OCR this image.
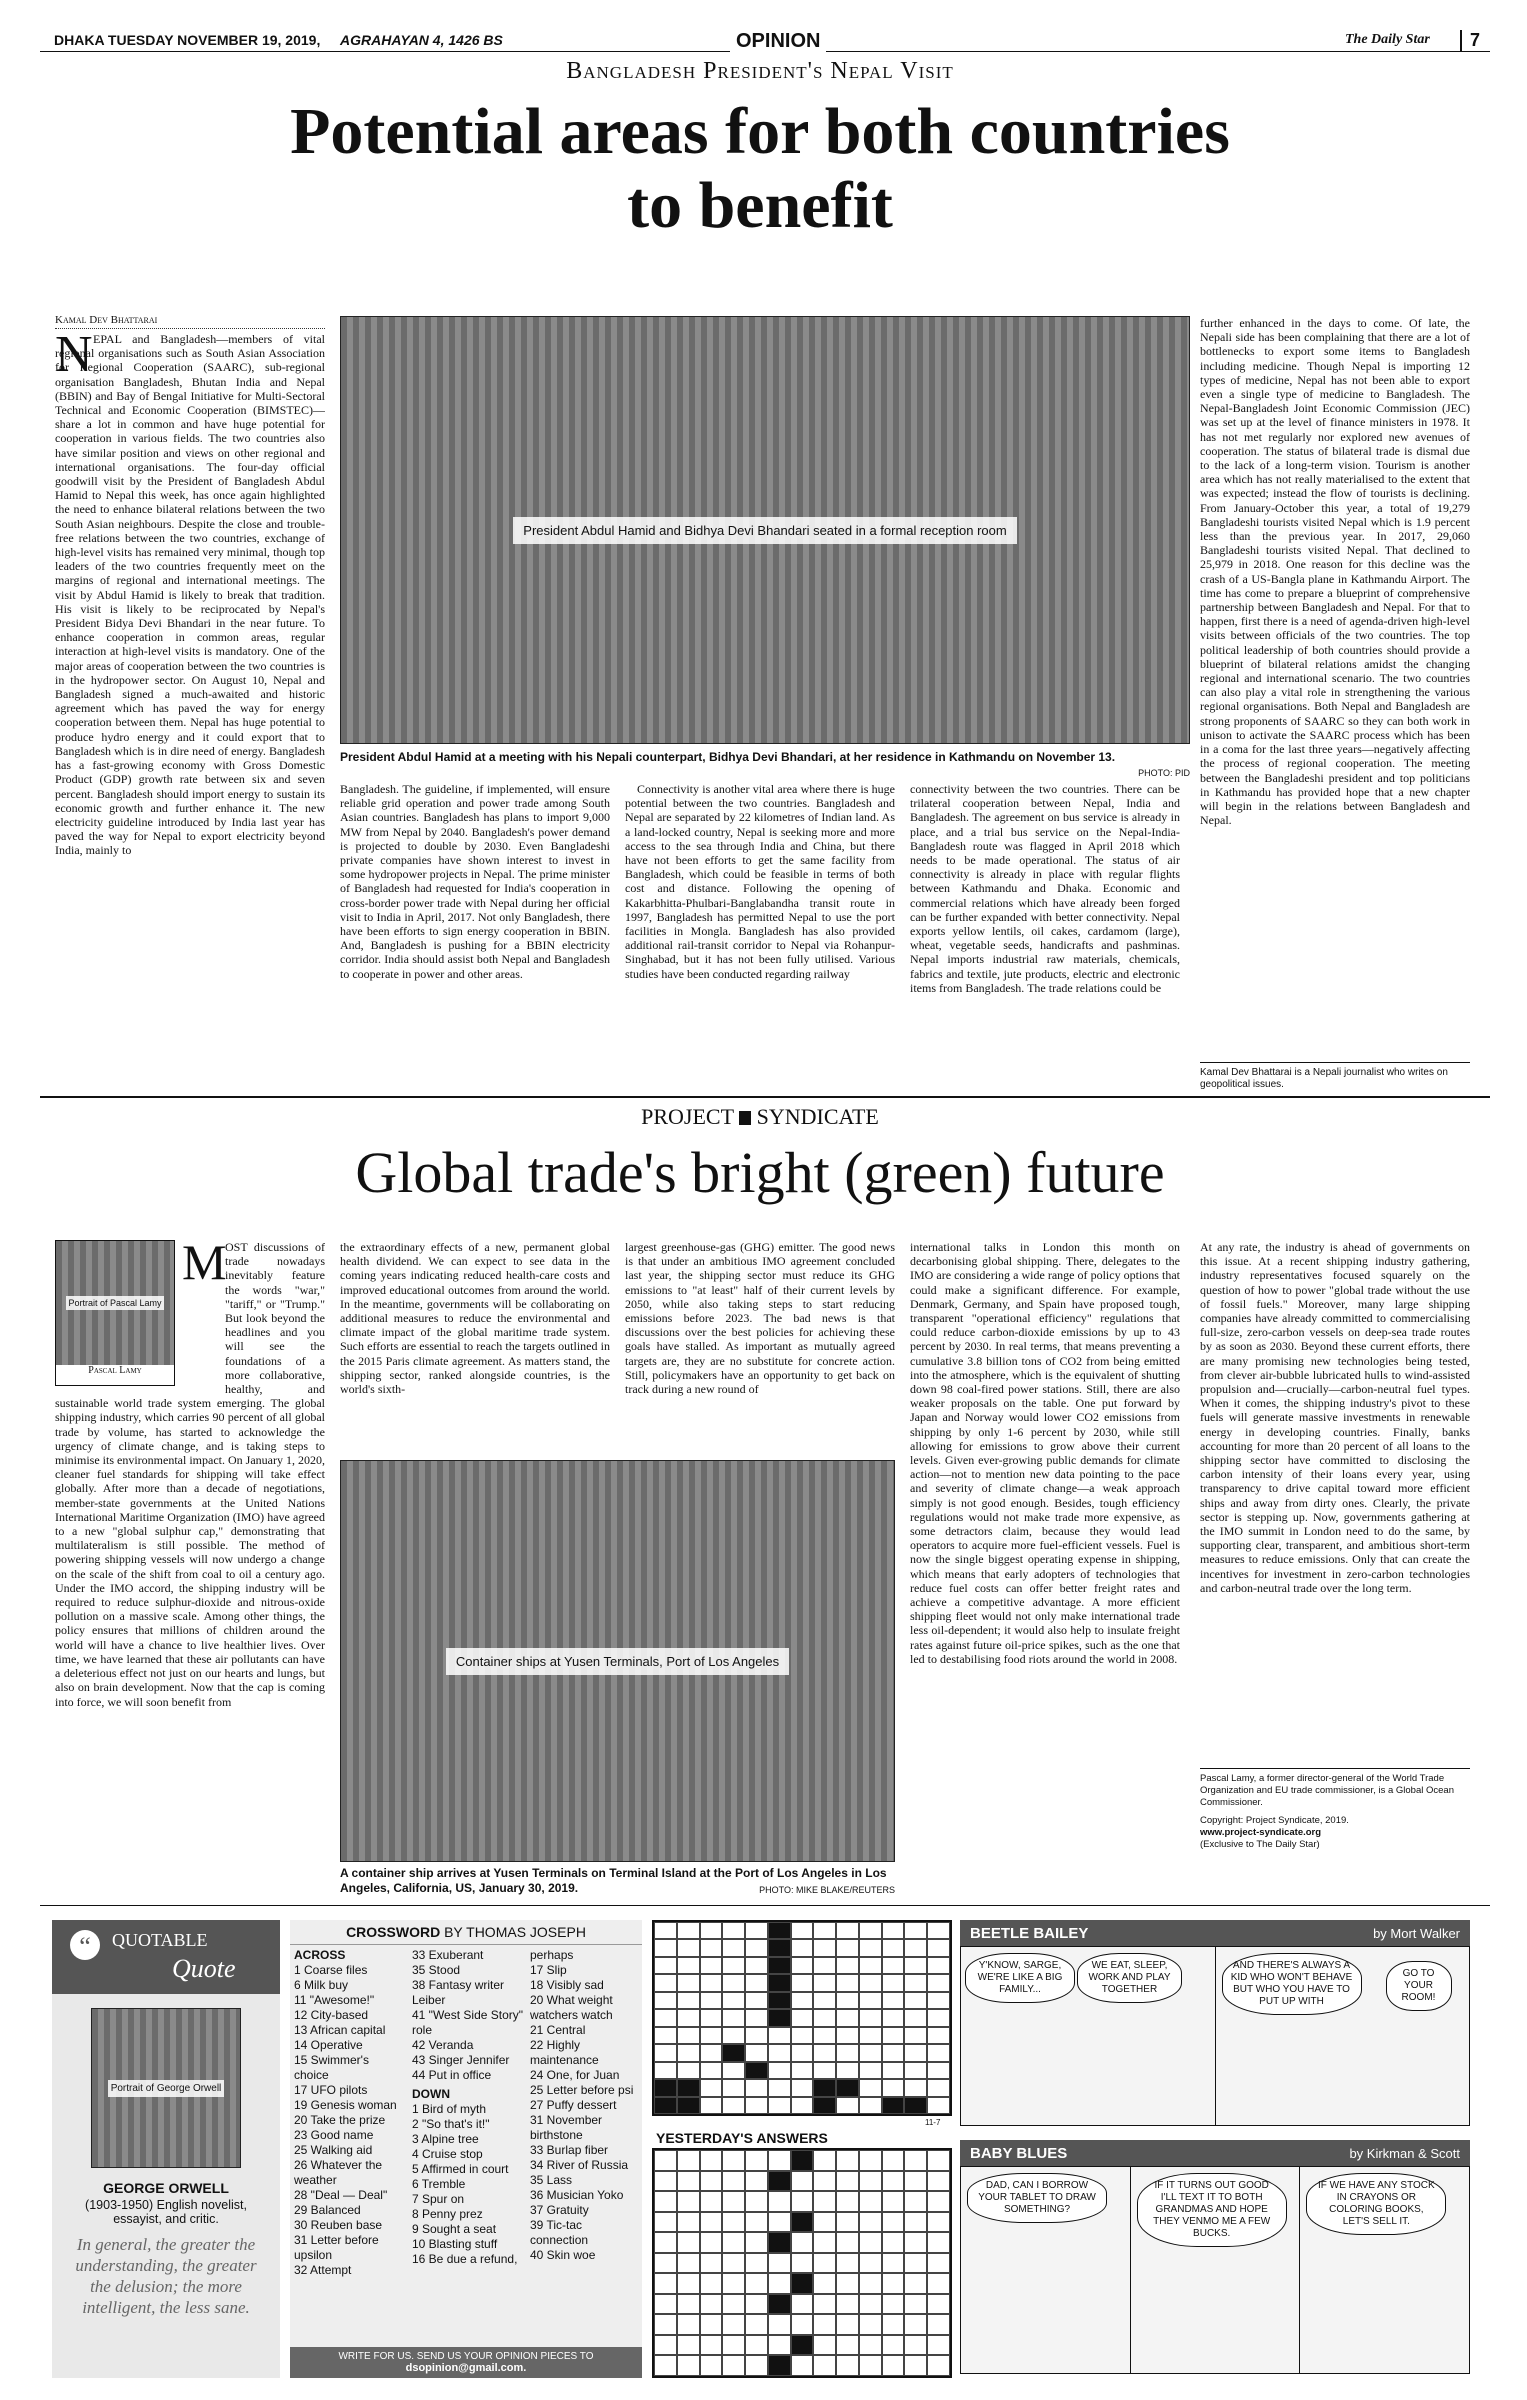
DHAKA TUESDAY NOVEMBER 19, 2019, AGRAHAYAN 4, 1426 BS	OPINION	The Daily Star	7
Bangladesh President's Nepal Visit
Potential areas for both countries to benefit
Kamal Dev Bhattarai
N EPAL and Bangladesh—members of vital regional organisations such as South Asian Association for Regional Cooperation (SAARC), sub-regional organisation Bangladesh, Bhutan India and Nepal (BBIN) and Bay of Bengal Initiative for Multi-Sectoral Technical and Economic Cooperation (BIMSTEC)—share a lot in common and have huge potential for cooperation in various fields. The two countries also have similar position and views on other regional and international organisations. The four-day official goodwill visit by the President of Bangladesh Abdul Hamid to Nepal this week, has once again highlighted the need to enhance bilateral relations between the two South Asian neighbours. Despite the close and trouble-free relations between the two countries, exchange of high-level visits has remained very minimal, though top leaders of the two countries frequently meet on the margins of regional and international meetings. The visit by Abdul Hamid is likely to break that tradition. His visit is likely to be reciprocated by Nepal's President Bidya Devi Bhandari in the near future. To enhance cooperation in common areas, regular interaction at high-level visits is mandatory. One of the major areas of cooperation between the two countries is in the hydropower sector. On August 10, Nepal and Bangladesh signed a much-awaited and historic agreement which has paved the way for energy cooperation between them. Nepal has huge potential to produce hydro energy and it could export that to Bangladesh which is in dire need of energy. Bangladesh has a fast-growing economy with Gross Domestic Product (GDP) growth rate between six and seven percent. Bangladesh should import energy to sustain its economic growth and further enhance it. The new electricity guideline introduced by India last year has paved the way for Nepal to export electricity beyond India, mainly to
President Abdul Hamid and Bidhya Devi Bhandari seated in a formal reception room
President Abdul Hamid at a meeting with his Nepali counterpart, Bidhya Devi Bhandari, at her residence in Kathmandu on November 13.
PHOTO: PID
Bangladesh. The guideline, if implemented, will ensure reliable grid operation and power trade among South Asian countries. Bangladesh has plans to import 9,000 MW from Nepal by 2040. Bangladesh's power demand is projected to double by 2030. Even Bangladeshi private companies have shown interest to invest in some hydropower projects in Nepal. The prime minister of Bangladesh had requested for India's cooperation in cross-border power trade with Nepal during her official visit to India in April, 2017. Not only Bangladesh, there have been efforts to sign energy cooperation in BBIN. And, Bangladesh is pushing for a BBIN electricity corridor. India should assist both Nepal and Bangladesh to cooperate in power and other areas.
Connectivity is another vital area where there is huge potential between the two countries. Bangladesh and Nepal are separated by 22 kilometres of Indian land. As a land-locked country, Nepal is seeking more and more access to the sea through India and China, but there have not been efforts to get the same facility from Bangladesh, which could be feasible in terms of both cost and distance. Following the opening of Kakarbhitta-Phulbari-Banglabandha transit route in 1997, Bangladesh has permitted Nepal to use the port facilities in Mongla. Bangladesh has also provided additional rail-transit corridor to Nepal via Rohanpur-Singhabad, but it has not been fully utilised. Various studies have been conducted regarding railway
connectivity between the two countries. There can be trilateral cooperation between Nepal, India and Bangladesh. The agreement on bus service is already in place, and a trial bus service on the Nepal-India-Bangladesh route was flagged in April 2018 which needs to be made operational. The status of air connectivity is already in place with regular flights between Kathmandu and Dhaka. Economic and commercial relations which have already been forged can be further expanded with better connectivity. Nepal exports yellow lentils, oil cakes, cardamom (large), wheat, vegetable seeds, handicrafts and pashminas. Nepal imports industrial raw materials, chemicals, fabrics and textile, jute products, electric and electronic items from Bangladesh. The trade relations could be
further enhanced in the days to come. Of late, the Nepali side has been complaining that there are a lot of bottlenecks to export some items to Bangladesh including medicine. Though Nepal is importing 12 types of medicine, Nepal has not been able to export even a single type of medicine to Bangladesh. The Nepal-Bangladesh Joint Economic Commission (JEC) was set up at the level of finance ministers in 1978. It has not met regularly nor explored new avenues of cooperation. The status of bilateral trade is dismal due to the lack of a long-term vision. Tourism is another area which has not really materialised to the extent that was expected; instead the flow of tourists is declining. From January-October this year, a total of 19,279 Bangladeshi tourists visited Nepal which is 1.9 percent less than the previous year. In 2017, 29,060 Bangladeshi tourists visited Nepal. That declined to 25,979 in 2018. One reason for this decline was the crash of a US-Bangla plane in Kathmandu Airport. The time has come to prepare a blueprint of comprehensive partnership between Bangladesh and Nepal. For that to happen, first there is a need of agenda-driven high-level visits between officials of the two countries. The top political leadership of both countries should provide a blueprint of bilateral relations amidst the changing regional and international scenario. The two countries can also play a vital role in strengthening the various regional organisations. Both Nepal and Bangladesh are strong proponents of SAARC so they can both work in unison to activate the SAARC process which has been in a coma for the last three years—negatively affecting the process of regional cooperation. The meeting between the Bangladeshi president and top politicians in Kathmandu has provided hope that a new chapter will begin in the relations between Bangladesh and Nepal.
Kamal Dev Bhattarai is a Nepali journalist who writes on geopolitical issues.
PROJECT SYNDICATE
Global trade's bright (green) future
Portrait of Pascal Lamy
Pascal Lamy
M
OST discussions of trade nowadays inevitably feature the words "war," "tariff," or "Trump." But look beyond the headlines and you will see the foundations of a more collaborative, healthy, and sustainable world trade system emerging. The global shipping industry, which carries 90 percent of all global trade by volume, has started to acknowledge the urgency of climate change, and is taking steps to minimise its environmental impact. On January 1, 2020, cleaner fuel standards for shipping will take effect globally. After more than a decade of negotiations, member-state governments at the United Nations International Maritime Organization (IMO) have agreed to a new "global sulphur cap," demonstrating that multilateralism is still possible. The method of powering shipping vessels will now undergo a change on the scale of the shift from coal to oil a century ago. Under the IMO accord, the shipping industry will be required to reduce sulphur-dioxide and nitrous-oxide pollution on a massive scale. Among other things, the policy ensures that millions of children around the world will have a chance to live healthier lives. Over time, we have learned that these air pollutants can have a deleterious effect not just on our hearts and lungs, but also on brain development. Now that the cap is coming into force, we will soon benefit from
the extraordinary effects of a new, permanent global health dividend. We can expect to see data in the coming years indicating reduced health-care costs and improved educational outcomes from around the world. In the meantime, governments will be collaborating on additional measures to reduce the environmental and climate impact of the global maritime trade system. Such efforts are essential to reach the targets outlined in the 2015 Paris climate agreement. As matters stand, the shipping sector, ranked alongside countries, is the world's sixth-
largest greenhouse-gas (GHG) emitter. The good news is that under an ambitious IMO agreement concluded last year, the shipping sector must reduce its GHG emissions to "at least" half of their current levels by 2050, while also taking steps to start reducing emissions before 2023. The bad news is that discussions over the best policies for achieving these goals have stalled. As important as mutually agreed targets are, they are no substitute for concrete action. Still, policymakers have an opportunity to get back on track during a new round of
Container ships at Yusen Terminals, Port of Los Angeles
A container ship arrives at Yusen Terminals on Terminal Island at the Port of Los Angeles in Los Angeles, California, US, January 30, 2019.	PHOTO: MIKE BLAKE/REUTERS
international talks in London this month on decarbonising global shipping. There, delegates to the IMO are considering a wide range of policy options that could make a significant difference. For example, Denmark, Germany, and Spain have proposed tough, transparent "operational efficiency" regulations that could reduce carbon-dioxide emissions by up to 43 percent by 2030. In real terms, that means preventing a cumulative 3.8 billion tons of CO2 from being emitted into the atmosphere, which is the equivalent of shutting down 98 coal-fired power stations. Still, there are also weaker proposals on the table. One put forward by Japan and Norway would lower CO2 emissions from shipping by only 1-6 percent by 2030, while still allowing for emissions to grow above their current levels. Given ever-growing public demands for climate action—not to mention new data pointing to the pace and severity of climate change—a weak approach simply is not good enough. Besides, tough efficiency regulations would not make trade more expensive, as some detractors claim, because they would lead operators to acquire more fuel-efficient vessels. Fuel is now the single biggest operating expense in shipping, which means that early adopters of technologies that reduce fuel costs can offer better freight rates and achieve a competitive advantage. A more efficient shipping fleet would not only make international trade less oil-dependent; it would also help to insulate freight rates against future oil-price spikes, such as the one that led to destabilising food riots around the world in 2008.
At any rate, the industry is ahead of governments on this issue. At a recent shipping industry gathering, industry representatives focused squarely on the question of how to power "global trade without the use of fossil fuels." Moreover, many large shipping companies have already committed to commercialising full-size, zero-carbon vessels on deep-sea trade routes by as soon as 2030. Beyond these current efforts, there are many promising new technologies being tested, from clever air-bubble lubricated hulls to wind-assisted propulsion and—crucially—carbon-neutral fuel types. When it comes, the shipping industry's pivot to these fuels will generate massive investments in renewable energy in developing countries. Finally, banks accounting for more than 20 percent of all loans to the shipping sector have committed to disclosing the carbon intensity of their loans every year, using transparency to drive capital toward more efficient ships and away from dirty ones. Clearly, the private sector is stepping up. Now, governments gathering at the IMO summit in London need to do the same, by supporting clear, transparent, and ambitious short-term measures to reduce emissions. Only that can create the incentives for investment in zero-carbon technologies and carbon-neutral trade over the long term.
Pascal Lamy, a former director-general of the World Trade Organization and EU trade commissioner, is a Global Ocean Commissioner.
Copyright: Project Syndicate, 2019.
www.project-syndicate.org
(Exclusive to The Daily Star)
“	QUOTABLE
Quote
Portrait of George Orwell
GEORGE ORWELL
(1903-1950) English novelist, essayist, and critic.
In general, the greater the understanding, the greater the delusion; the more intelligent, the less sane.
CROSSWORD BY THOMAS JOSEPH
ACROSS
1 Coarse files
6 Milk buy
11 "Awesome!"
12 City-based
13 African capital
14 Operative
15 Swimmer's choice
17 UFO pilots
19 Genesis woman
20 Take the prize
23 Good name
25 Walking aid
26 Whatever the weather
28 "Deal — Deal"
29 Balanced
30 Reuben base
31 Letter before upsilon
32 Attempt
33 Exuberant
35 Stood
38 Fantasy writer Leiber
41 "West Side Story" role
42 Veranda
43 Singer Jennifer
44 Put in office
DOWN
1 Bird of myth
2 "So that's it!"
3 Alpine tree
4 Cruise stop
5 Affirmed in court
6 Tremble
7 Spur on
8 Penny prez
9 Sought a seat
10 Blasting stuff
16 Be due a refund,
perhaps
17 Slip
18 Visibly sad
20 What weight watchers watch
21 Central
22 Highly maintenance
24 One, for Juan
25 Letter before psi
27 Puffy dessert
31 November birthstone
33 Burlap fiber
34 River of Russia
35 Lass
36 Musician Yoko
37 Gratuity
39 Tic-tac connection
40 Skin woe
WRITE FOR US. SEND US YOUR OPINION PIECES TO
dsopinion@gmail.com.
11-7
YESTERDAY'S ANSWERS
BEETLE BAILEY	by Mort Walker
Y'KNOW, SARGE, WE'RE LIKE A BIG FAMILY...
WE EAT, SLEEP, WORK AND PLAY TOGETHER
AND THERE'S ALWAYS A KID WHO WON'T BEHAVE BUT WHO YOU HAVE TO PUT UP WITH
GO TO YOUR ROOM!
BABY BLUES	by Kirkman & Scott
DAD, CAN I BORROW YOUR TABLET TO DRAW SOMETHING?
IF IT TURNS OUT GOOD I'LL TEXT IT TO BOTH GRANDMAS AND HOPE THEY VENMO ME A FEW BUCKS.
IF WE HAVE ANY STOCK IN CRAYONS OR COLORING BOOKS, LET'S SELL IT.
